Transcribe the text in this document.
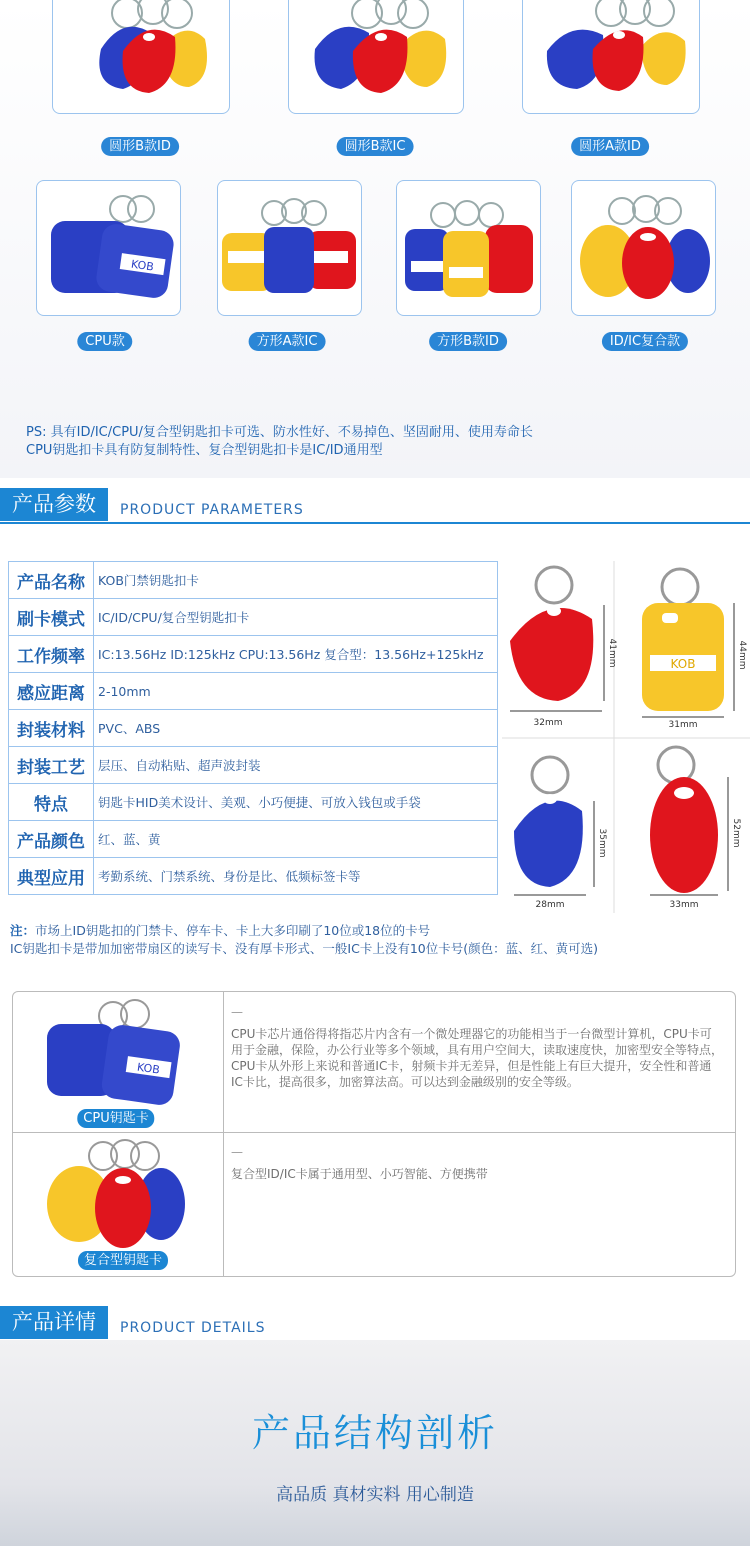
圆形B款ID	圆形B款IC	圆形A款ID
KOB
CPU款	方形A款IC	方形B款ID	ID/IC复合款
PS: 具有ID/IC/CPU/复合型钥匙扣卡可选、防水性好、不易掉色、坚固耐用、使用寿命长
CPU钥匙扣卡具有防复制特性、复合型钥匙扣卡是IC/ID通用型
产品参数	PRODUCT PARAMETERS
产品名称	KOB门禁钥匙扣卡
刷卡模式	IC/ID/CPU/复合型钥匙扣卡
工作频率	IC:13.56Hz ID:125kHz CPU:13.56Hz 复合型：13.56Hz+125kHz
感应距离	2-10mm
封装材料	PVC、ABS
封装工艺	层压、自动粘贴、超声波封装
特点	钥匙卡HID美术设计、美观、小巧便捷、可放入钱包或手袋
产品颜色	红、蓝、黄
典型应用	考勤系统、门禁系统、身份是比、低频标签卡等
32mm
41mm	KOB
31mm
44mm
28mm
35mm
33mm
52mm
注：市场上ID钥匙扣的门禁卡、停车卡、卡上大多印刷了10位或18位的卡号
IC钥匙扣卡是带加加密带扇区的读写卡、没有厚卡形式、一般IC卡上没有10位卡号(颜色：蓝、红、黄可选)
KOB
CPU钥匙卡
—
CPU卡芯片通俗得将指芯片内含有一个微处理器它的功能相当于一台微型计算机，CPU卡可用于金融，保险，办公行业等多个领域，具有用户空间大，读取速度快，加密型安全等特点，CPU卡从外形上来说和普通IC卡，射频卡并无差异，但是性能上有巨大提升，安全性和普通IC卡比，提高很多，加密算法高。可以达到金融级别的安全等级。
复合型钥匙卡
—
复合型ID/IC卡属于通用型、小巧智能、方便携带
产品详情	PRODUCT DETAILS
产品结构剖析
高品质 真材实料 用心制造
